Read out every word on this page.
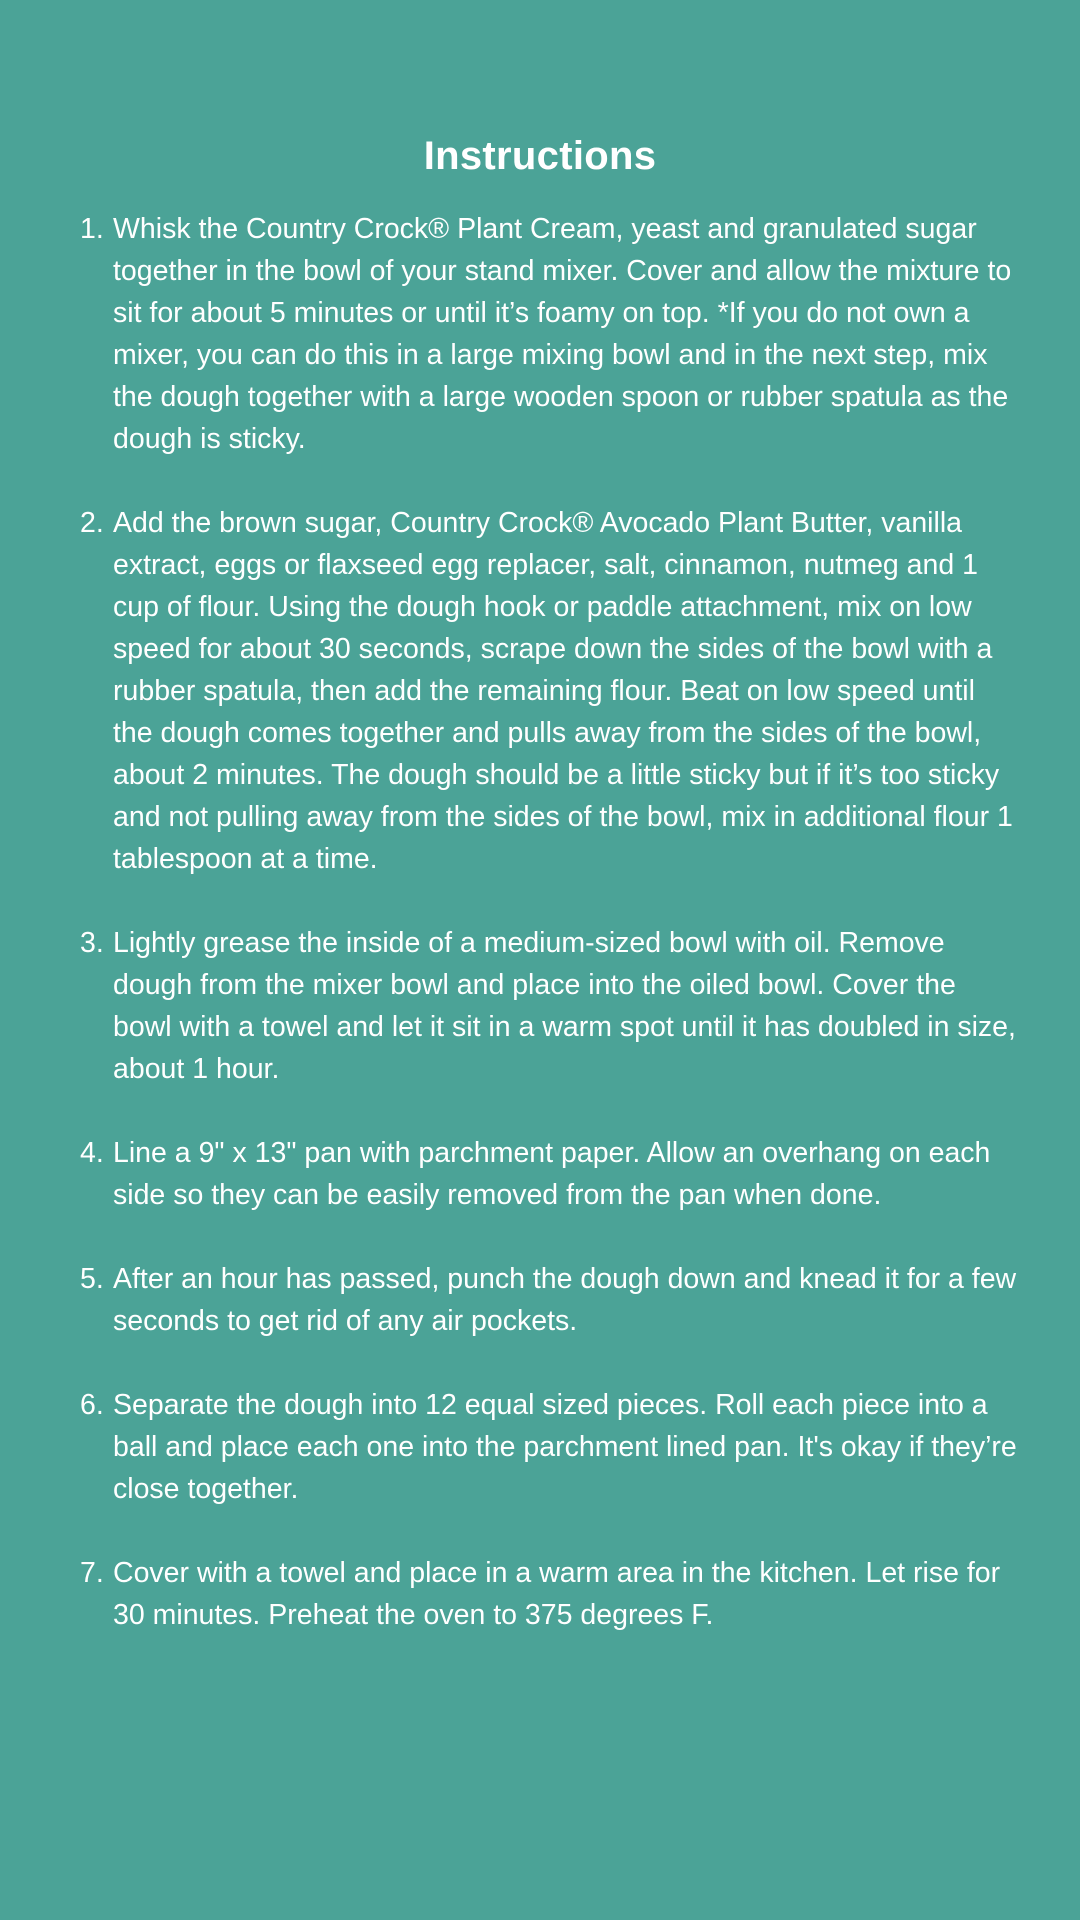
Instructions
1. Whisk the Country Crock® Plant Cream, yeast and granulated sugar together in the bowl of your stand mixer. Cover and allow the mixture to sit for about 5 minutes or until it’s foamy on top. *If you do not own a mixer, you can do this in a large mixing bowl and in the next step, mix the dough together with a large wooden spoon or rubber spatula as the dough is sticky.

2. Add the brown sugar, Country Crock® Avocado Plant Butter, vanilla extract, eggs or flaxseed egg replacer, salt, cinnamon, nutmeg and 1 cup of flour. Using the dough hook or paddle attachment, mix on low speed for about 30 seconds, scrape down the sides of the bowl with a rubber spatula, then add the remaining flour. Beat on low speed until the dough comes together and pulls away from the sides of the bowl, about 2 minutes. The dough should be a little sticky but if it’s too sticky and not pulling away from the sides of the bowl, mix in additional flour 1 tablespoon at a time.

3. Lightly grease the inside of a medium-sized bowl with oil. Remove dough from the mixer bowl and place into the oiled bowl. Cover the bowl with a towel and let it sit in a warm spot until it has doubled in size, about 1 hour.

4. Line a 9" x 13" pan with parchment paper. Allow an overhang on each side so they can be easily removed from the pan when done.

5. After an hour has passed, punch the dough down and knead it for a few seconds to get rid of any air pockets.

6. Separate the dough into 12 equal sized pieces. Roll each piece into a ball and place each one into the parchment lined pan. It's okay if they’re close together.

7. Cover with a towel and place in a warm area in the kitchen. Let rise for 30 minutes. Preheat the oven to 375 degrees F.
